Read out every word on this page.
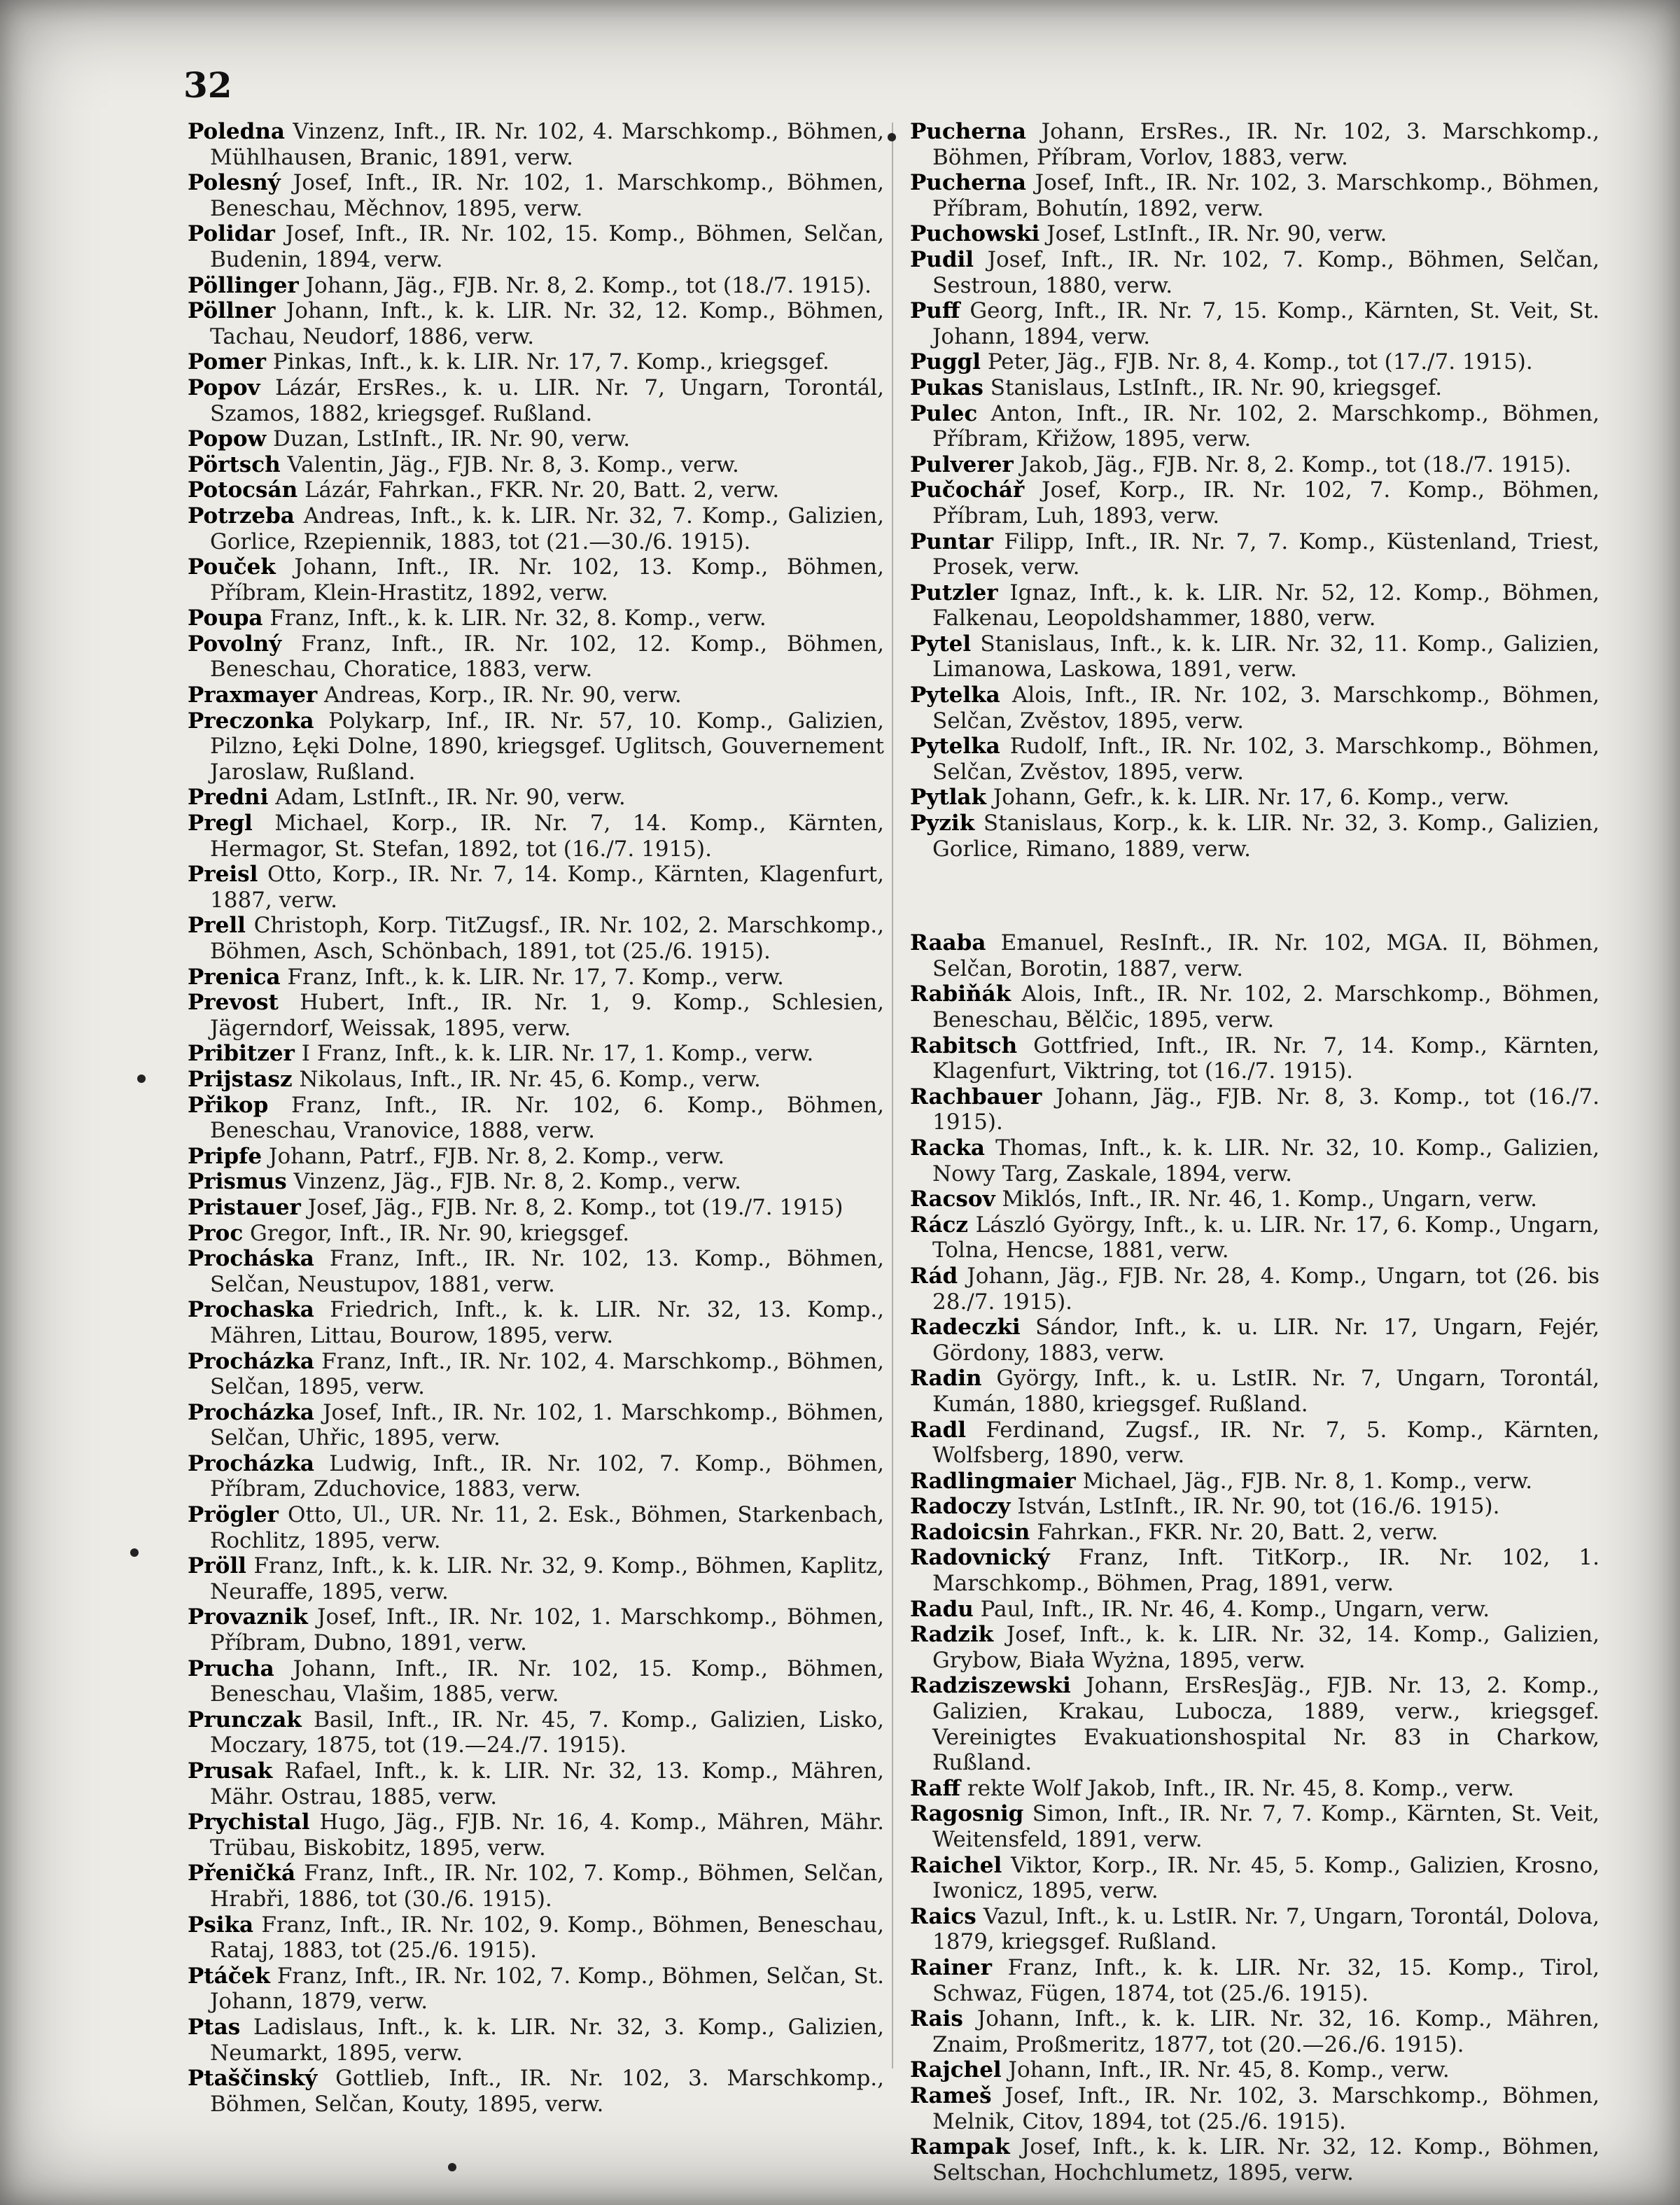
32

Poledna Vinzenz, Inft., IR. Nr. 102, 4. Marschkomp., Böhmen, Mühlhausen, Branic, 1891, verw.

Polesný Josef, Inft., IR. Nr. 102, 1. Marschkomp., Böhmen, Beneschau, Měchnov, 1895, verw.

Polidar Josef, Inft., IR. Nr. 102, 15. Komp., Böhmen, Selčan, Budenin, 1894, verw.

Pöllinger Johann, Jäg., FJB. Nr. 8, 2. Komp., tot (18./7. 1915).

Pöllner Johann, Inft., k. k. LIR. Nr. 32, 12. Komp., Böhmen, Tachau, Neudorf, 1886, verw.

Pomer Pinkas, Inft., k. k. LIR. Nr. 17, 7. Komp., kriegsgef.

Popov Lázár, ErsRes., k. u. LIR. Nr. 7, Ungarn, Torontál, Szamos, 1882, kriegsgef. Rußland.

Popow Duzan, LstInft., IR. Nr. 90, verw.

Pörtsch Valentin, Jäg., FJB. Nr. 8, 3. Komp., verw.

Potocsán Lázár, Fahrkan., FKR. Nr. 20, Batt. 2, verw.

Potrzeba Andreas, Inft., k. k. LIR. Nr. 32, 7. Komp., Galizien, Gorlice, Rzepiennik, 1883, tot (21.—30./6. 1915).

Pouček Johann, Inft., IR. Nr. 102, 13. Komp., Böhmen, Příbram, Klein-Hrastitz, 1892, verw.

Poupa Franz, Inft., k. k. LIR. Nr. 32, 8. Komp., verw.

Povolný Franz, Inft., IR. Nr. 102, 12. Komp., Böhmen, Beneschau, Choratice, 1883, verw.

Praxmayer Andreas, Korp., IR. Nr. 90, verw.

Preczonka Polykarp, Inf., IR. Nr. 57, 10. Komp., Galizien, Pilzno, Łęki Dolne, 1890, kriegsgef. Uglitsch, Gouvernement Jaroslaw, Rußland.

Predni Adam, LstInft., IR. Nr. 90, verw.

Pregl Michael, Korp., IR. Nr. 7, 14. Komp., Kärnten, Hermagor, St. Stefan, 1892, tot (16./7. 1915).

Preisl Otto, Korp., IR. Nr. 7, 14. Komp., Kärnten, Klagenfurt, 1887, verw.

Prell Christoph, Korp. TitZugsf., IR. Nr. 102, 2. Marschkomp., Böhmen, Asch, Schönbach, 1891, tot (25./6. 1915).

Prenica Franz, Inft., k. k. LIR. Nr. 17, 7. Komp., verw.

Prevost Hubert, Inft., IR. Nr. 1, 9. Komp., Schlesien, Jägerndorf, Weissak, 1895, verw.

Pribitzer I Franz, Inft., k. k. LIR. Nr. 17, 1. Komp., verw.

Prijstasz Nikolaus, Inft., IR. Nr. 45, 6. Komp., verw.

Přikop Franz, Inft., IR. Nr. 102, 6. Komp., Böhmen, Beneschau, Vranovice, 1888, verw.

Pripfe Johann, Patrf., FJB. Nr. 8, 2. Komp., verw.

Prismus Vinzenz, Jäg., FJB. Nr. 8, 2. Komp., verw.

Pristauer Josef, Jäg., FJB. Nr. 8, 2. Komp., tot (19./7. 1915)

Proc Gregor, Inft., IR. Nr. 90, kriegsgef.

Procháska Franz, Inft., IR. Nr. 102, 13. Komp., Böhmen, Selčan, Neustupov, 1881, verw.

Prochaska Friedrich, Inft., k. k. LIR. Nr. 32, 13. Komp., Mähren, Littau, Bourow, 1895, verw.

Procházka Franz, Inft., IR. Nr. 102, 4. Marschkomp., Böhmen, Selčan, 1895, verw.

Procházka Josef, Inft., IR. Nr. 102, 1. Marschkomp., Böhmen, Selčan, Uhřic, 1895, verw.

Procházka Ludwig, Inft., IR. Nr. 102, 7. Komp., Böhmen, Příbram, Zduchovice, 1883, verw.

Prögler Otto, Ul., UR. Nr. 11, 2. Esk., Böhmen, Starkenbach, Rochlitz, 1895, verw.

Pröll Franz, Inft., k. k. LIR. Nr. 32, 9. Komp., Böhmen, Kaplitz, Neuraffe, 1895, verw.

Provaznik Josef, Inft., IR. Nr. 102, 1. Marschkomp., Böhmen, Příbram, Dubno, 1891, verw.

Prucha Johann, Inft., IR. Nr. 102, 15. Komp., Böhmen, Beneschau, Vlašim, 1885, verw.

Prunczak Basil, Inft., IR. Nr. 45, 7. Komp., Galizien, Lisko, Moczary, 1875, tot (19.—24./7. 1915).

Prusak Rafael, Inft., k. k. LIR. Nr. 32, 13. Komp., Mähren, Mähr. Ostrau, 1885, verw.

Prychistal Hugo, Jäg., FJB. Nr. 16, 4. Komp., Mähren, Mähr. Trübau, Biskobitz, 1895, verw.

Přeničká Franz, Inft., IR. Nr. 102, 7. Komp., Böhmen, Selčan, Hrabři, 1886, tot (30./6. 1915).

Psika Franz, Inft., IR. Nr. 102, 9. Komp., Böhmen, Beneschau, Rataj, 1883, tot (25./6. 1915).

Ptáček Franz, Inft., IR. Nr. 102, 7. Komp., Böhmen, Selčan, St. Johann, 1879, verw.

Ptas Ladislaus, Inft., k. k. LIR. Nr. 32, 3. Komp., Galizien, Neumarkt, 1895, verw.

Ptaščinský Gottlieb, Inft., IR. Nr. 102, 3. Marschkomp., Böhmen, Selčan, Kouty, 1895, verw.

Pucherna Johann, ErsRes., IR. Nr. 102, 3. Marschkomp., Böhmen, Příbram, Vorlov, 1883, verw.

Pucherna Josef, Inft., IR. Nr. 102, 3. Marschkomp., Böhmen, Příbram, Bohutín, 1892, verw.

Puchowski Josef, LstInft., IR. Nr. 90, verw.

Pudil Josef, Inft., IR. Nr. 102, 7. Komp., Böhmen, Selčan, Sestroun, 1880, verw.

Puff Georg, Inft., IR. Nr. 7, 15. Komp., Kärnten, St. Veit, St. Johann, 1894, verw.

Puggl Peter, Jäg., FJB. Nr. 8, 4. Komp., tot (17./7. 1915).

Pukas Stanislaus, LstInft., IR. Nr. 90, kriegsgef.

Pulec Anton, Inft., IR. Nr. 102, 2. Marschkomp., Böhmen, Příbram, Křižow, 1895, verw.

Pulverer Jakob, Jäg., FJB. Nr. 8, 2. Komp., tot (18./7. 1915).

Pučochář Josef, Korp., IR. Nr. 102, 7. Komp., Böhmen, Příbram, Luh, 1893, verw.

Puntar Filipp, Inft., IR. Nr. 7, 7. Komp., Küstenland, Triest, Prosek, verw.

Putzler Ignaz, Inft., k. k. LIR. Nr. 52, 12. Komp., Böhmen, Falkenau, Leopoldshammer, 1880, verw.

Pytel Stanislaus, Inft., k. k. LIR. Nr. 32, 11. Komp., Galizien, Limanowa, Laskowa, 1891, verw.

Pytelka Alois, Inft., IR. Nr. 102, 3. Marschkomp., Böhmen, Selčan, Zvěstov, 1895, verw.

Pytelka Rudolf, Inft., IR. Nr. 102, 3. Marschkomp., Böhmen, Selčan, Zvěstov, 1895, verw.

Pytlak Johann, Gefr., k. k. LIR. Nr. 17, 6. Komp., verw.

Pyzik Stanislaus, Korp., k. k. LIR. Nr. 32, 3. Komp., Galizien, Gorlice, Rimano, 1889, verw.

Raaba Emanuel, ResInft., IR. Nr. 102, MGA. II, Böhmen, Selčan, Borotin, 1887, verw.

Rabiňák Alois, Inft., IR. Nr. 102, 2. Marschkomp., Böhmen, Beneschau, Bělčic, 1895, verw.

Rabitsch Gottfried, Inft., IR. Nr. 7, 14. Komp., Kärnten, Klagenfurt, Viktring, tot (16./7. 1915).

Rachbauer Johann, Jäg., FJB. Nr. 8, 3. Komp., tot (16./7. 1915).

Racka Thomas, Inft., k. k. LIR. Nr. 32, 10. Komp., Galizien, Nowy Targ, Zaskale, 1894, verw.

Racsov Miklós, Inft., IR. Nr. 46, 1. Komp., Ungarn, verw.

Rácz László György, Inft., k. u. LIR. Nr. 17, 6. Komp., Ungarn, Tolna, Hencse, 1881, verw.

Rád Johann, Jäg., FJB. Nr. 28, 4. Komp., Ungarn, tot (26. bis 28./7. 1915).

Radeczki Sándor, Inft., k. u. LIR. Nr. 17, Ungarn, Fejér, Gördony, 1883, verw.

Radin György, Inft., k. u. LstIR. Nr. 7, Ungarn, Torontál, Kumán, 1880, kriegsgef. Rußland.

Radl Ferdinand, Zugsf., IR. Nr. 7, 5. Komp., Kärnten, Wolfsberg, 1890, verw.

Radlingmaier Michael, Jäg., FJB. Nr. 8, 1. Komp., verw.

Radoczy István, LstInft., IR. Nr. 90, tot (16./6. 1915).

Radoicsin Fahrkan., FKR. Nr. 20, Batt. 2, verw.

Radovnický Franz, Inft. TitKorp., IR. Nr. 102, 1. Marschkomp., Böhmen, Prag, 1891, verw.

Radu Paul, Inft., IR. Nr. 46, 4. Komp., Ungarn, verw.

Radzik Josef, Inft., k. k. LIR. Nr. 32, 14. Komp., Galizien, Grybow, Biała Wyżna, 1895, verw.

Radziszewski Johann, ErsResJäg., FJB. Nr. 13, 2. Komp., Galizien, Krakau, Lubocza, 1889, verw., kriegsgef. Vereinigtes Evakuationshospital Nr. 83 in Charkow, Rußland.

Raff rekte Wolf Jakob, Inft., IR. Nr. 45, 8. Komp., verw.

Ragosnig Simon, Inft., IR. Nr. 7, 7. Komp., Kärnten, St. Veit, Weitensfeld, 1891, verw.

Raichel Viktor, Korp., IR. Nr. 45, 5. Komp., Galizien, Krosno, Iwonicz, 1895, verw.

Raics Vazul, Inft., k. u. LstIR. Nr. 7, Ungarn, Torontál, Dolova, 1879, kriegsgef. Rußland.

Rainer Franz, Inft., k. k. LIR. Nr. 32, 15. Komp., Tirol, Schwaz, Fügen, 1874, tot (25./6. 1915).

Rais Johann, Inft., k. k. LIR. Nr. 32, 16. Komp., Mähren, Znaim, Proßmeritz, 1877, tot (20.—26./6. 1915).

Rajchel Johann, Inft., IR. Nr. 45, 8. Komp., verw.

Rameš Josef, Inft., IR. Nr. 102, 3. Marschkomp., Böhmen, Melnik, Citov, 1894, tot (25./6. 1915).

Rampak Josef, Inft., k. k. LIR. Nr. 32, 12. Komp., Böhmen, Seltschan, Hochchlumetz, 1895, verw.
